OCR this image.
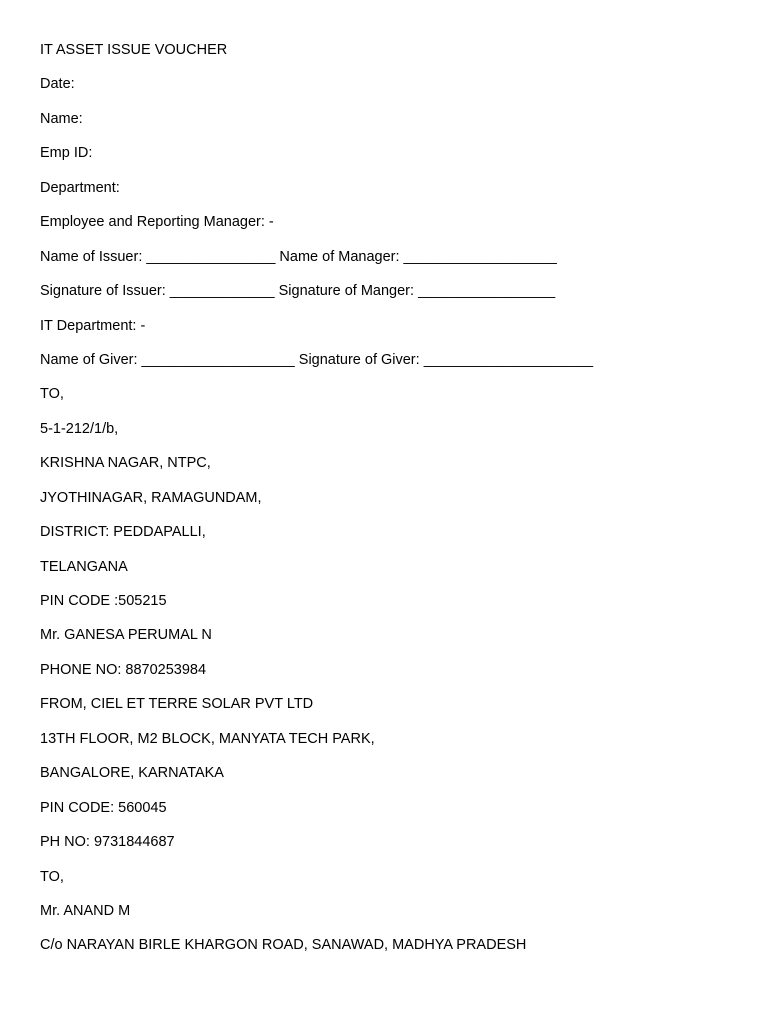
IT ASSET ISSUE VOUCHER
Date:
Name:
Emp ID:
Department:
Employee and Reporting Manager: -
Name of Issuer: ________________ Name of Manager: ___________________
Signature of Issuer: _____________ Signature of Manger: _________________
IT Department: -
Name of Giver: ___________________ Signature of Giver: _____________________
TO,
5-1-212/1/b,
KRISHNA NAGAR, NTPC,
JYOTHINAGAR, RAMAGUNDAM,
DISTRICT: PEDDAPALLI,
TELANGANA
PIN CODE :505215
Mr. GANESA PERUMAL N
PHONE NO: 8870253984
FROM, CIEL ET TERRE SOLAR PVT LTD
13TH FLOOR, M2 BLOCK, MANYATA TECH PARK,
BANGALORE, KARNATAKA
PIN CODE: 560045
PH NO: 9731844687
TO,
Mr. ANAND M
C/o NARAYAN BIRLE KHARGON ROAD, SANAWAD, MADHYA PRADESH
